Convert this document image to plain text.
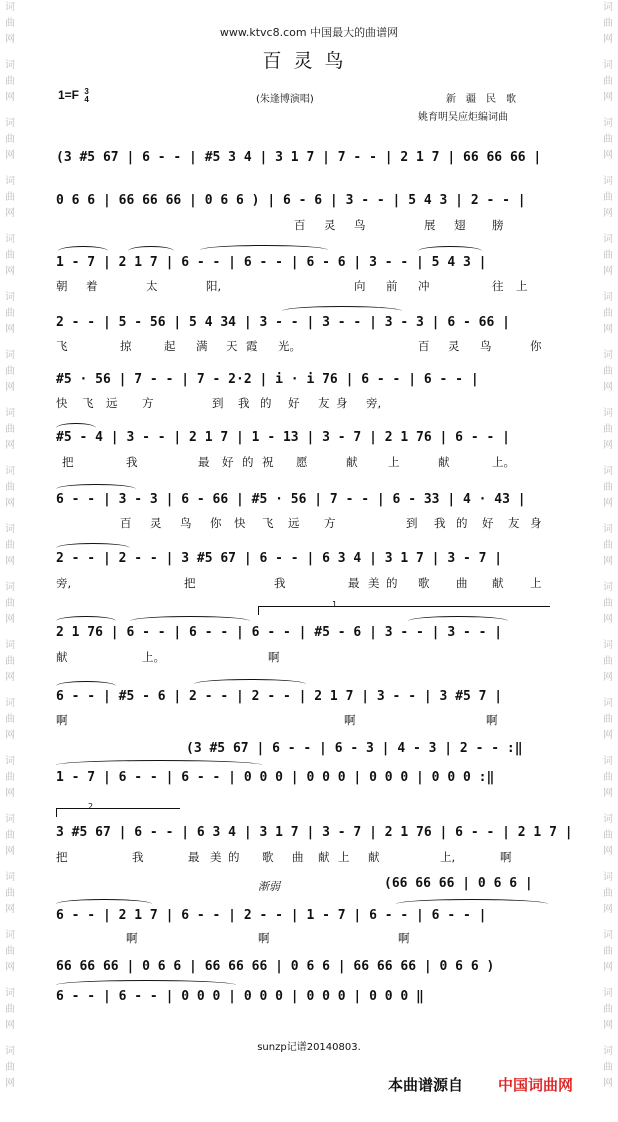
词
曲
网
词
曲
网
词
曲
网
词
曲
网
词
曲
网
词
曲
网
词
曲
网
词
曲
网
词
曲
网
词
曲
网
词
曲
网
词
曲
网
词
曲
网
词
曲
网
词
曲
网
词
曲
网
词
曲
网
词
曲
网
词
曲
网
词
曲
网
词
曲
网
词
曲
网
词
曲
网
词
曲
网
词
曲
网
词
曲
网
词
曲
网
词
曲
网
词
曲
网
词
曲
网
词
曲
网
词
曲
网
词
曲
网
词
曲
网
词
曲
网
词
曲
网
词
曲
网
词
曲
网
www.ktvc8.com 中国最大的曲谱网
百灵鸟
1=F 3
4	(朱逢博演唱)	新疆民歌
姚育明吴应炬编词曲
(3 #5 67 | 6 - - | #5 3 4 | 3 1 7 | 7 - - | 2 1 7 | 66 66 66 |
0 6 6 | 66 66 66 | 0 6 6 ) | 6 - 6 | 3 - - | 5 4 3 | 2 - - |

百

灵

鸟

	展

翅

膀

1 - 7 | 2 1 7 | 6 - - | 6 - - | 6 - 6 | 3 - - | 5 4 3 |

朝

着

	太

	阳,

	向

前

冲

	往

上

2 - - | 5 - 56 | 5 4 34 | 3 - - | 3 - - | 3 - 3 | 6 - 66 |

飞

	掠

	起

满

天

霞

光。

	百

灵

鸟

	你

#5 · 56 | 7 - - | 7 - 2·2 | i · i 76 | 6 - - | 6 - - |

快

飞

远

方

	到

我

的

好

友

身

旁,

#5 - 4 | 3 - - | 2 1 7 | 1 - 13 | 3 - 7 | 2 1 76 | 6 - - |

把

	我

	最

好

的

祝

愿

	献

	上

	献

	上。

6 - - | 3 - 3 | 6 - 66 | #5 · 56 | 7 - - | 6 - 33 | 4 · 43 |

百

灵

鸟

你

快

飞

远

方

	到

我

的

好

友

身

2 - - | 2 - - | 3 #5 67 | 6 - - | 6 3 4 | 3 1 7 | 3 - 7 |

旁,

	把

	我

	最

美

的

歌

曲

献

上

1
2 1 76 | 6 - - | 6 - - | 6 - - | #5 - 6 | 3 - - | 3 - - |

献

	上。

	啊

6 - - | #5 - 6 | 2 - - | 2 - - | 2 1 7 | 3 - - | 3 #5 7 |

啊

	啊

	啊

(3 #5 67 | 6 - - | 6 - 3 | 4 - 3 | 2 - - :‖
1 - 7 | 6 - - | 6 - - | 0 0 0 | 0 0 0 | 0 0 0 | 0 0 0 :‖
2
3 #5 67 | 6 - - | 6 3 4 | 3 1 7 | 3 - 7 | 2 1 76 | 6 - - | 2 1 7 |

把

	我

	最

美

的

歌

曲

献

上

献

	上,

	啊

渐弱	(66 66 66 | 0 6 6 |
6 - - | 2 1 7 | 6 - - | 2 - - | 1 - 7 | 6 - - | 6 - - |

啊

	啊

	啊

66 66 66 | 0 6 6 | 66 66 66 | 0 6 6 | 66 66 66 | 0 6 6 )
6 - - | 6 - - | 0 0 0 | 0 0 0 | 0 0 0 | 0 0 0 ‖
sunzp记谱20140803.
本曲谱源自 中国词曲网
